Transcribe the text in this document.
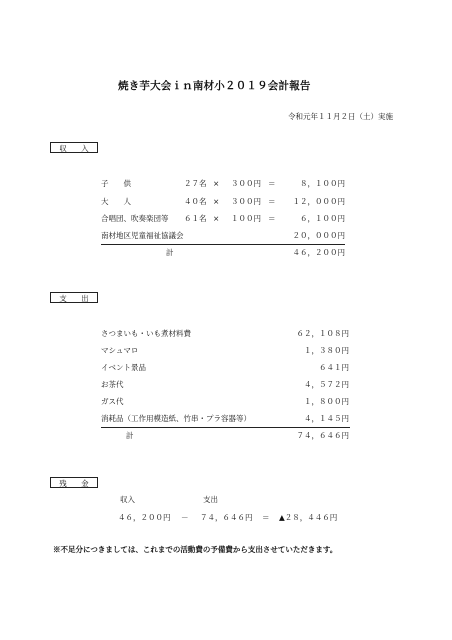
焼き芋大会ｉｎ南材小２０１９会計報告
令和元年１１月２日（土）実施
収 入
子　　供	２７名 × ３００円 ＝	８，１００円
大　　人	４０名 × ３００円 ＝ １２，０００円
合唱団、吹奏楽団等 ６１名 × １００円 ＝	６，１００円
南材地区児童福祉協議会	２０，０００円
計	４６，２００円
支 出
さつまいも・いも煮材料費	６２，１０８円
マシュマロ	１，３８０円
イベント景品	６４１円
お茶代	４，５７２円
ガス代	１，８００円
消耗品（工作用模造紙、竹串・プラ容器等）	４，１４５円
計	７４，６４６円
残 金
収入	支出
４６，２００円 － ７４，６４６円 ＝ ▲２８，４４６円
※不足分につきましては、これまでの活動費の予備費から支出させていただきます。
